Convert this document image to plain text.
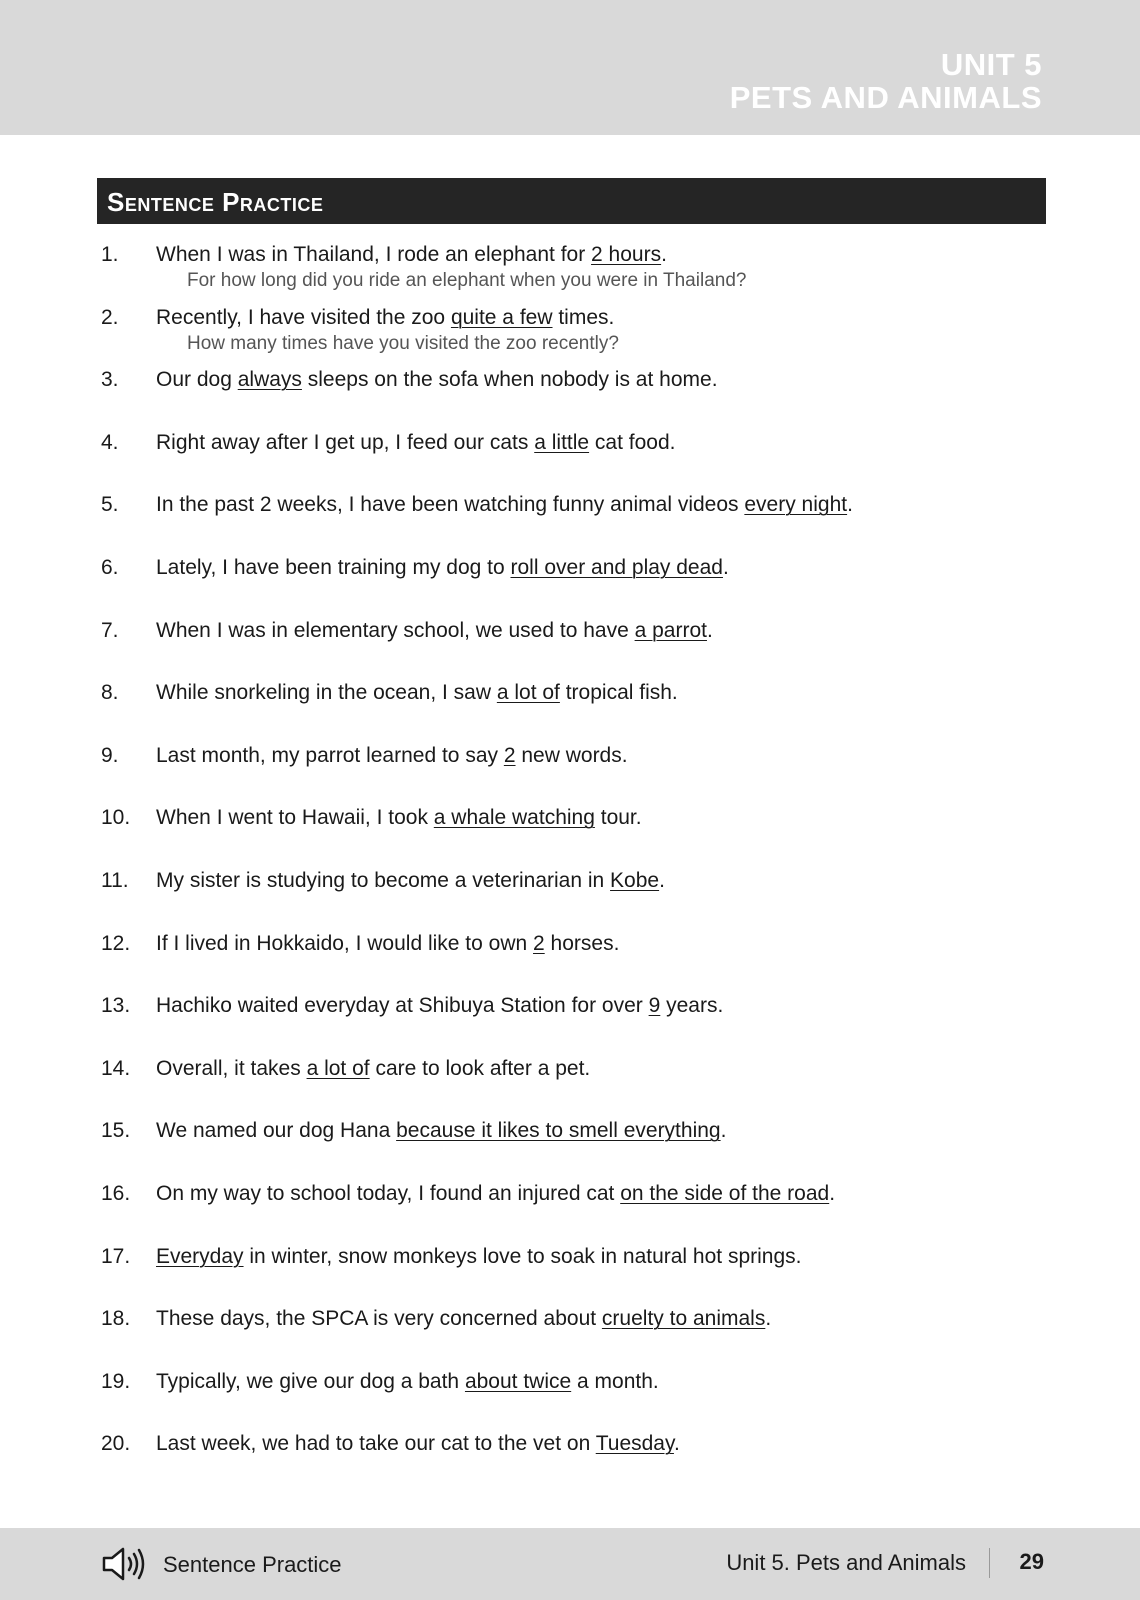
UNIT 5
PETS AND ANIMALS
Sentence Practice
1. When I was in Thailand, I rode an elephant for 2 hours.
For how long did you ride an elephant when you were in Thailand?
2. Recently, I have visited the zoo quite a few times.
How many times have you visited the zoo recently?
3. Our dog always sleeps on the sofa when nobody is at home.
4. Right away after I get up, I feed our cats a little cat food.
5. In the past 2 weeks, I have been watching funny animal videos every night.
6. Lately, I have been training my dog to roll over and play dead.
7. When I was in elementary school, we used to have a parrot.
8. While snorkeling in the ocean, I saw a lot of tropical fish.
9. Last month, my parrot learned to say 2 new words.
10. When I went to Hawaii, I took a whale watching tour.
11. My sister is studying to become a veterinarian in Kobe.
12. If I lived in Hokkaido, I would like to own 2 horses.
13. Hachiko waited everyday at Shibuya Station for over 9 years.
14. Overall, it takes a lot of care to look after a pet.
15. We named our dog Hana because it likes to smell everything.
16. On my way to school today, I found an injured cat on the side of the road.
17. Everyday in winter, snow monkeys love to soak in natural hot springs.
18. These days, the SPCA is very concerned about cruelty to animals.
19. Typically, we give our dog a bath about twice a month.
20. Last week, we had to take our cat to the vet on Tuesday.
Sentence Practice	Unit 5. Pets and Animals 29
